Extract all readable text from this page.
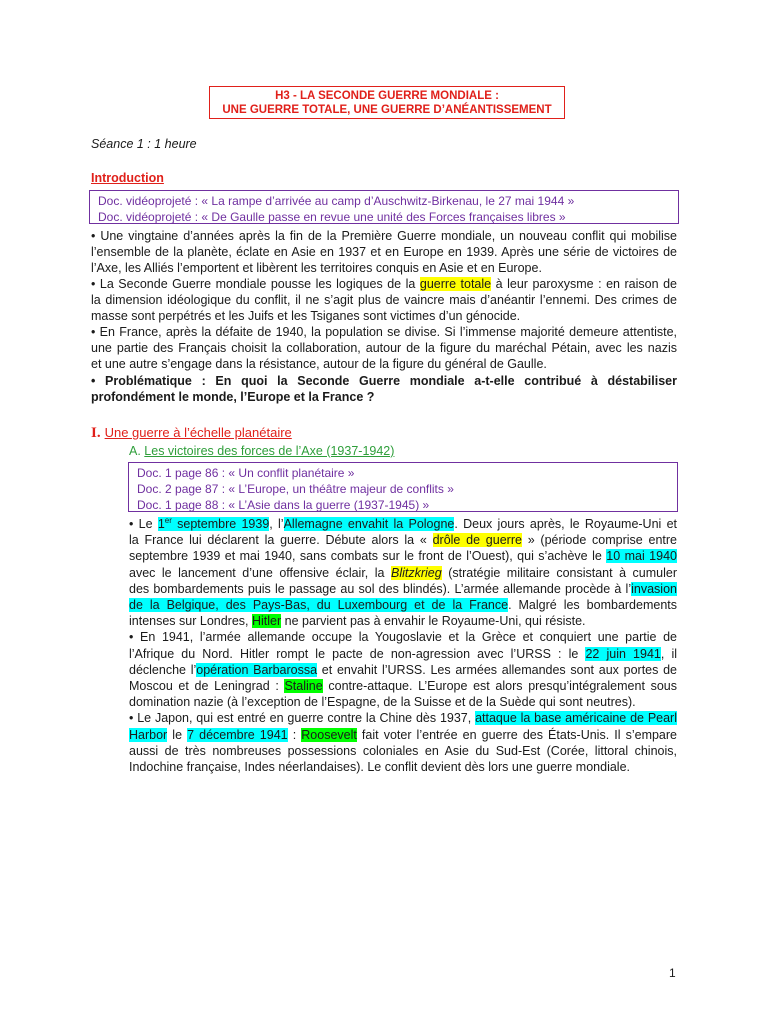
H3 - LA SECONDE GUERRE MONDIALE :
UNE GUERRE TOTALE, UNE GUERRE D’ANÉANTISSEMENT
Séance 1 : 1 heure
Introduction
Doc. vidéoprojeté : « La rampe d’arrivée au camp d’Auschwitz-Birkenau, le 27 mai 1944 »
Doc. vidéoprojeté : « De Gaulle passe en revue une unité des Forces françaises libres »
• Une vingtaine d’années après la fin de la Première Guerre mondiale, un nouveau conflit qui mobilise
l’ensemble de la planète, éclate en Asie en 1937 et en Europe en 1939. Après une série de victoires de
l’Axe, les Alliés l’emportent et libèrent les territoires conquis en Asie et en Europe.
• La Seconde Guerre mondiale pousse les logiques de la guerre totale à leur paroxysme : en raison de
la dimension idéologique du conflit, il ne s’agit plus de vaincre mais d’anéantir l’ennemi. Des crimes de
masse sont perpétrés et les Juifs et les Tsiganes sont victimes d’un génocide.
• En France, après la défaite de 1940, la population se divise. Si l’immense majorité demeure attentiste,
une partie des Français choisit la collaboration, autour de la figure du maréchal Pétain, avec les nazis
et une autre s’engage dans la résistance, autour de la figure du général de Gaulle.
• Problématique : En quoi la Seconde Guerre mondiale a-t-elle contribué à déstabiliser
profondément le monde, l’Europe et la France ?
I. Une guerre à l’échelle planétaire
A. Les victoires des forces de l’Axe (1937-1942)
Doc. 1 page 86 : « Un conflit planétaire »
Doc. 2 page 87 : « L’Europe, un théâtre majeur de conflits »
Doc. 1 page 88 : « L’Asie dans la guerre (1937-1945) »
• Le 1er septembre 1939, l’Allemagne envahit la Pologne. Deux jours après, le Royaume-Uni et
la France lui déclarent la guerre. Débute alors la « drôle de guerre » (période comprise entre
septembre 1939 et mai 1940, sans combats sur le front de l’Ouest), qui s’achève le 10 mai 1940
avec le lancement d’une offensive éclair, la Blitzkrieg (stratégie militaire consistant à cumuler
des bombardements puis le passage au sol des blindés). L’armée allemande procède à l’invasion
de la Belgique, des Pays-Bas, du Luxembourg et de la France. Malgré les bombardements
intenses sur Londres, Hitler ne parvient pas à envahir le Royaume-Uni, qui résiste.
• En 1941, l’armée allemande occupe la Yougoslavie et la Grèce et conquiert une partie de
l’Afrique du Nord. Hitler rompt le pacte de non-agression avec l’URSS : le 22 juin 1941, il
déclenche l’opération Barbarossa et envahit l’URSS. Les armées allemandes sont aux portes de
Moscou et de Leningrad : Staline contre-attaque. L’Europe est alors presqu’intégralement sous
domination nazie (à l’exception de l’Espagne, de la Suisse et de la Suède qui sont neutres).
• Le Japon, qui est entré en guerre contre la Chine dès 1937, attaque la base américaine de Pearl
Harbor le 7 décembre 1941 : Roosevelt fait voter l’entrée en guerre des États-Unis. Il s’empare
aussi de très nombreuses possessions coloniales en Asie du Sud-Est (Corée, littoral chinois,
Indochine française, Indes néerlandaises). Le conflit devient dès lors une guerre mondiale.
1
